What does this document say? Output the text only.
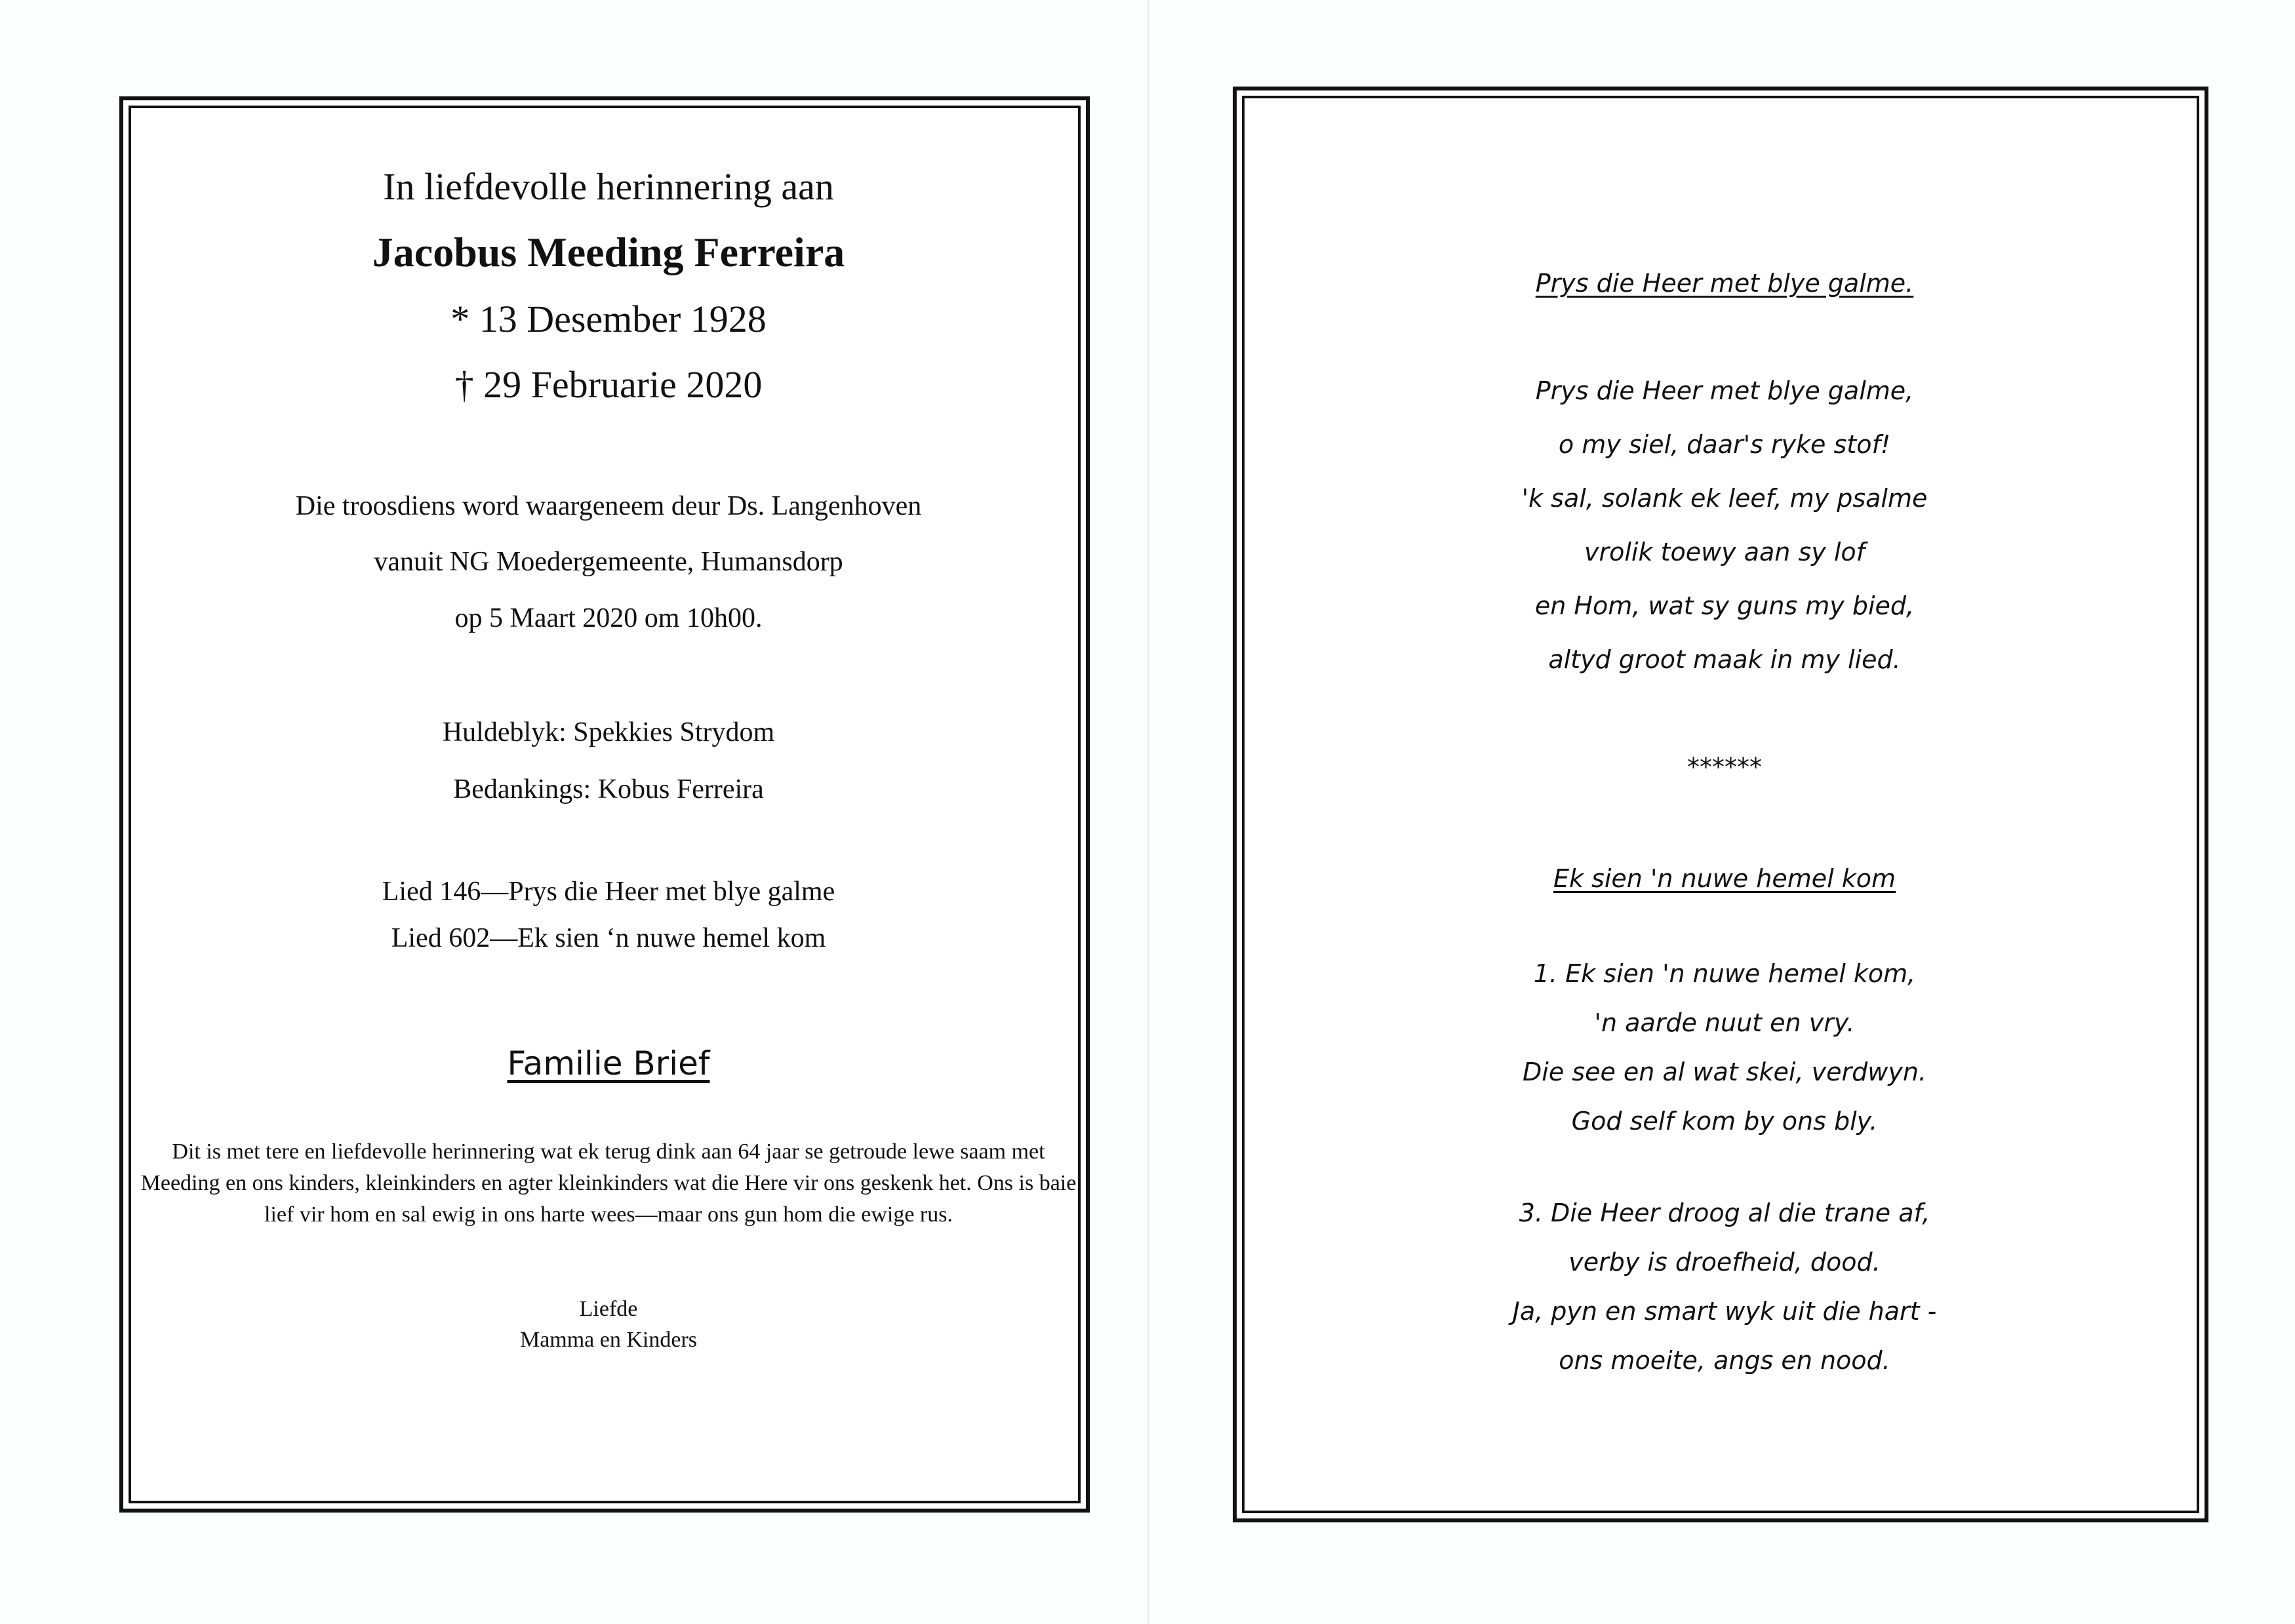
In liefdevolle herinnering aan
Jacobus Meeding Ferreira
* 13 Desember 1928
† 29 Februarie 2020
Die troosdiens word waargeneem deur Ds. Langenhoven
vanuit NG Moedergemeente, Humansdorp
op 5 Maart 2020 om 10h00.
Huldeblyk: Spekkies Strydom
Bedankings: Kobus Ferreira
Lied 146—Prys die Heer met blye galme
Lied 602—Ek sien ‘n nuwe hemel kom
Familie Brief
Dit is met tere en liefdevolle herinnering wat ek terug dink aan 64 jaar se getroude lewe saam met Meeding en ons kinders, kleinkinders en agter kleinkinders wat die Here vir ons geskenk het. Ons is baie lief vir hom en sal ewig in ons harte wees—maar ons gun hom die ewige rus.
Liefde
Mamma en Kinders
Prys die Heer met blye galme.
Prys die Heer met blye galme,
o my siel, daar's ryke stof!
'k sal, solank ek leef, my psalme
vrolik toewy aan sy lof
en Hom, wat sy guns my bied,
altyd groot maak in my lied.
******
Ek sien 'n nuwe hemel kom
1. Ek sien 'n nuwe hemel kom,
'n aarde nuut en vry.
Die see en al wat skei, verdwyn.
God self kom by ons bly.
3. Die Heer droog al die trane af,
verby is droefheid, dood.
Ja, pyn en smart wyk uit die hart -
ons moeite, angs en nood.
